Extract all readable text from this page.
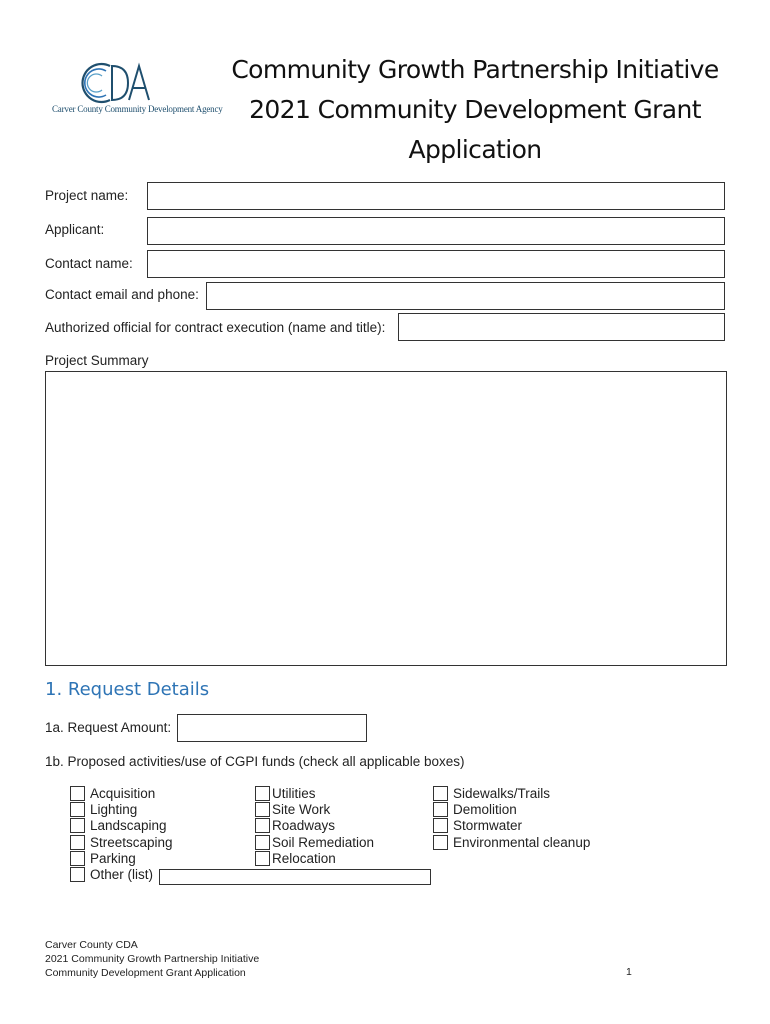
Carver County Community Development Agency
Community Growth Partnership Initiative
2021 Community Development Grant
Application
Project name:
Applicant:
Contact name:
Contact email and phone:
Authorized official for contract execution (name and title):
Project Summary
1. Request Details
1a. Request Amount:
1b. Proposed activities/use of CGPI funds (check all applicable boxes)
Acquisition
Lighting
Landscaping
Streetscaping
Parking
Other (list)
Utilities
Site Work
Roadways
Soil Remediation
Relocation
Sidewalks/Trails
Demolition
Stormwater
Environmental cleanup
Carver County CDA
2021 Community Growth Partnership Initiative
Community Development Grant Application	1
